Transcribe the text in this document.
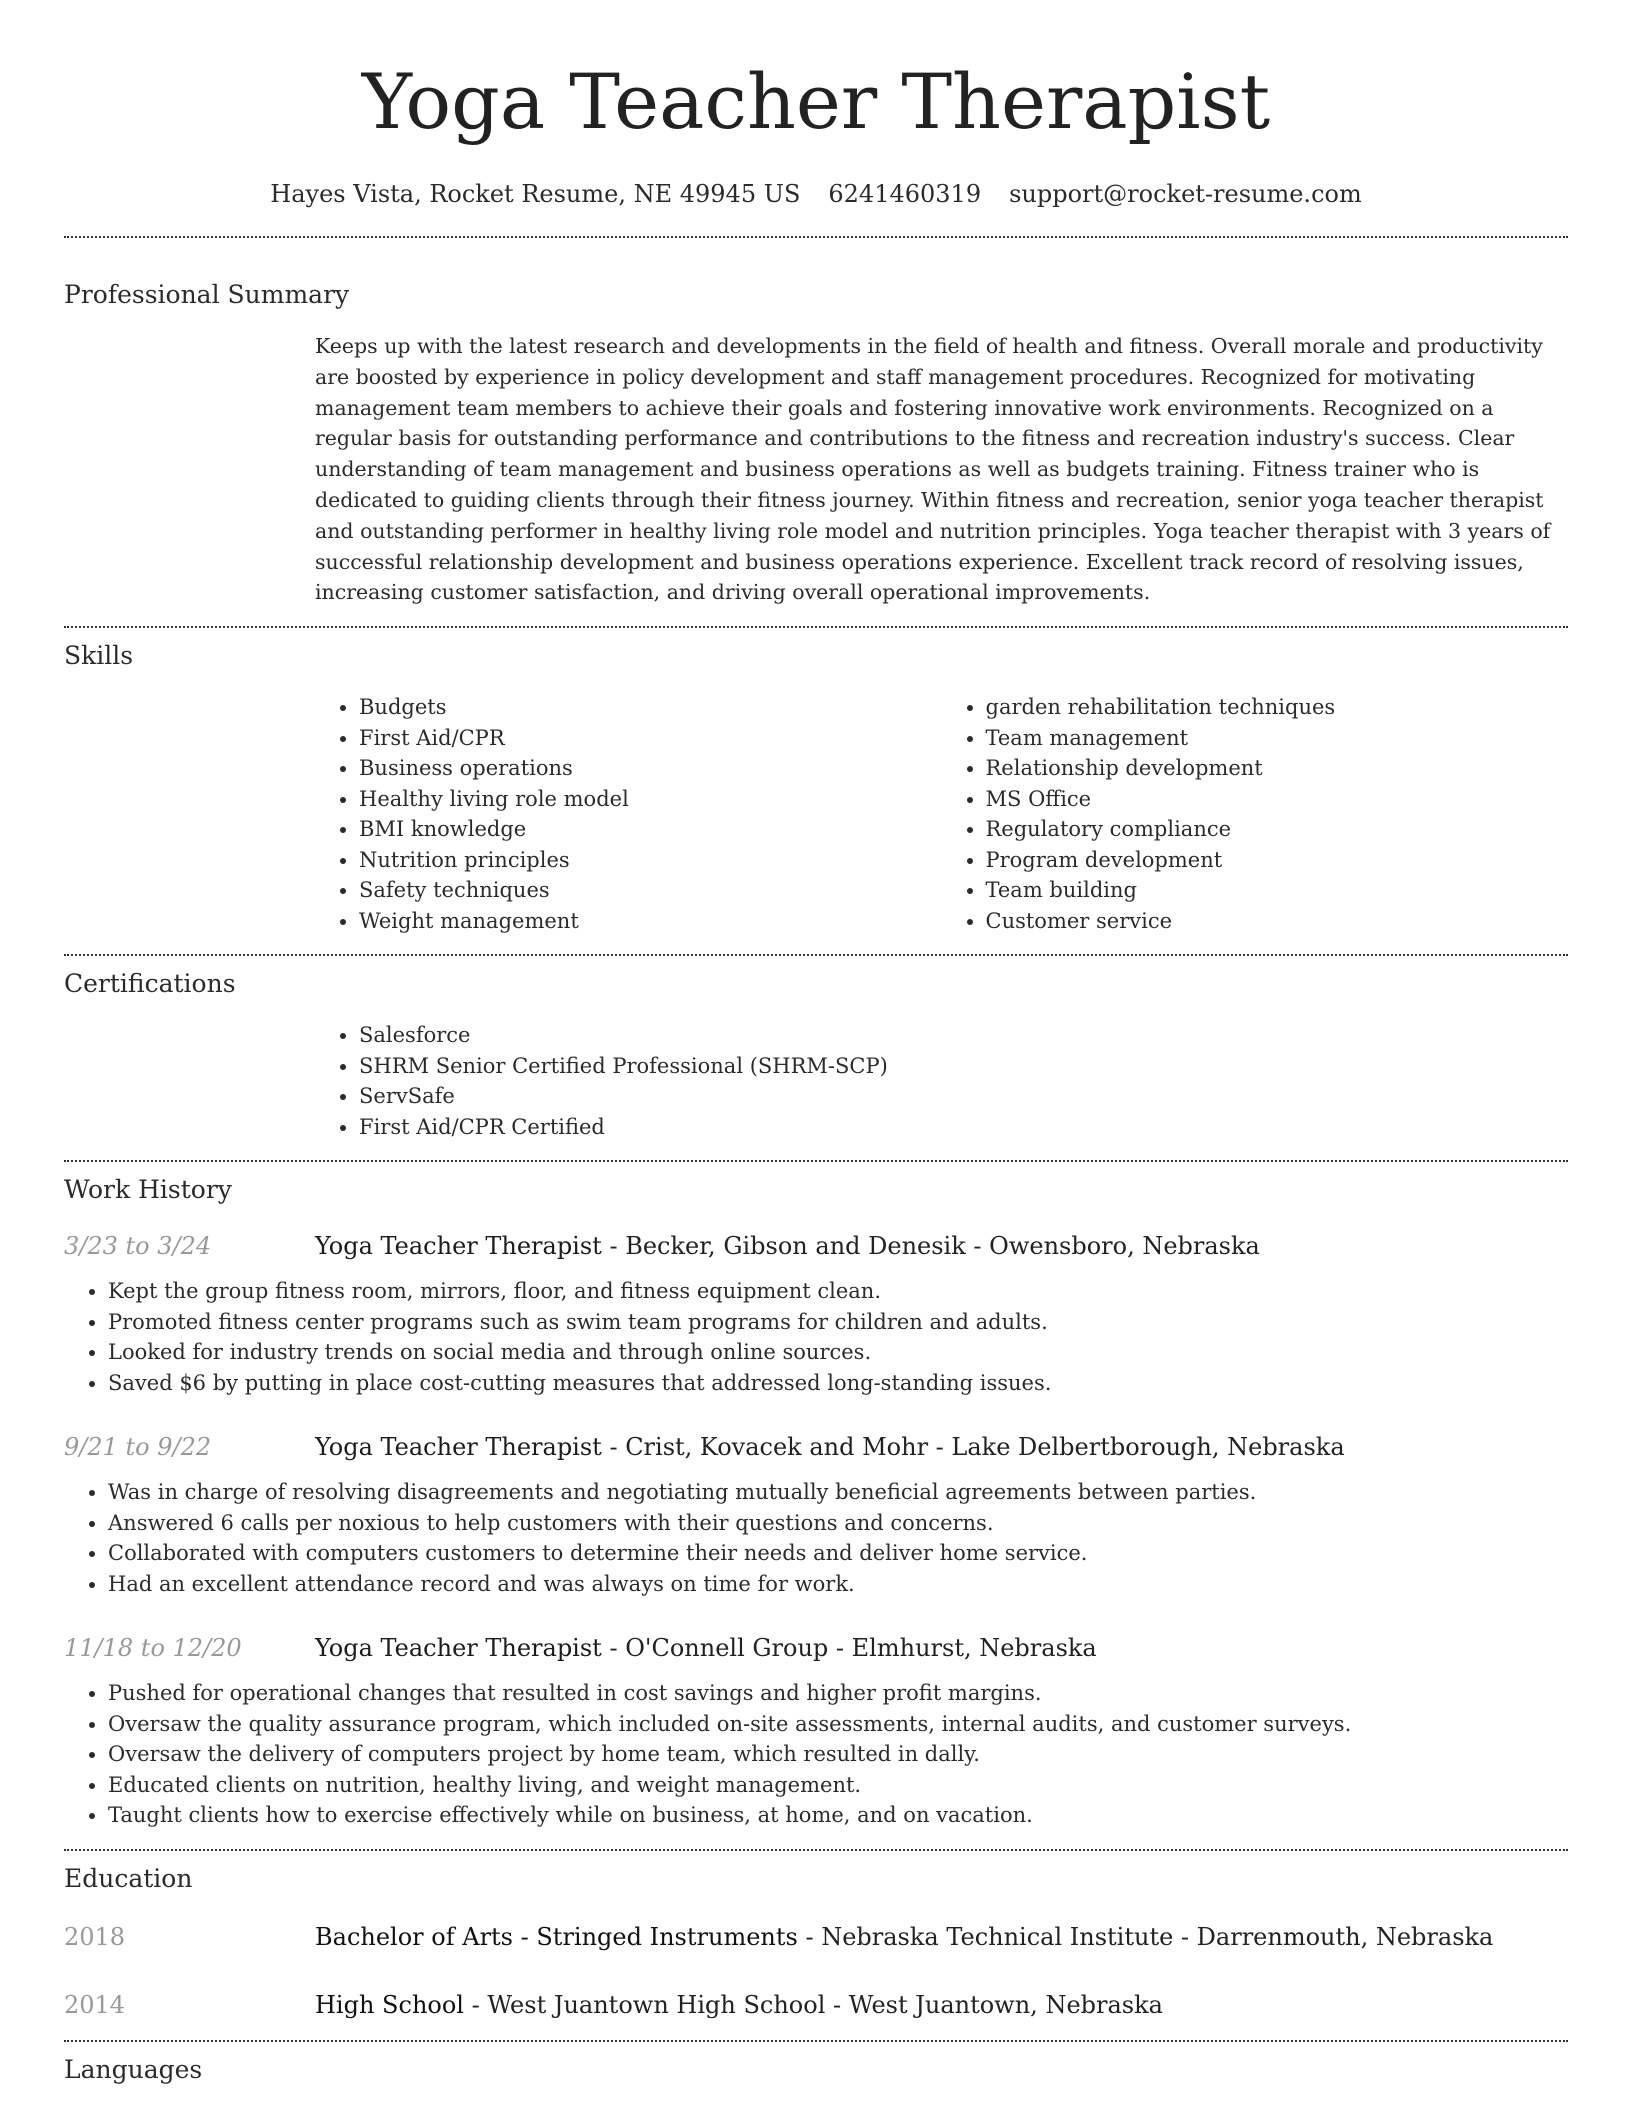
Yoga Teacher Therapist
Hayes Vista, Rocket Resume, NE 49945 US 6241460319 support@rocket-resume.com
Professional Summary

Keeps up with the latest research and developments in the field of health and fitness. Overall morale and productivity are boosted by experience in policy development and staff management procedures. Recognized for motivating management team members to achieve their goals and fostering innovative work environments. Recognized on a regular basis for outstanding performance and contributions to the fitness and recreation industry's success. Clear understanding of team management and business operations as well as budgets training. Fitness trainer who is dedicated to guiding clients through their fitness journey. Within fitness and recreation, senior yoga teacher therapist and outstanding performer in healthy living role model and nutrition principles. Yoga teacher therapist with 3 years of successful relationship development and business operations experience. Excellent track record of resolving issues, increasing customer satisfaction, and driving overall operational improvements.

Skills
• Budgets
• First Aid/CPR
• Business operations
• Healthy living role model
• BMI knowledge
• Nutrition principles
• Safety techniques
• Weight management
• garden rehabilitation techniques
• Team management
• Relationship development
• MS Office
• Regulatory compliance
• Program development
• Team building
• Customer service
Certifications
• Salesforce
• SHRM Senior Certified Professional (SHRM-SCP)
• ServSafe
• First Aid/CPR Certified
Work History
3/23 to 3/24	Yoga Teacher Therapist - Becker, Gibson and Denesik - Owensboro, Nebraska
• Kept the group fitness room, mirrors, floor, and fitness equipment clean.
• Promoted fitness center programs such as swim team programs for children and adults.
• Looked for industry trends on social media and through online sources.
• Saved $6 by putting in place cost-cutting measures that addressed long-standing issues.
9/21 to 9/22	Yoga Teacher Therapist - Crist, Kovacek and Mohr - Lake Delbertborough, Nebraska
• Was in charge of resolving disagreements and negotiating mutually beneficial agreements between parties.
• Answered 6 calls per noxious to help customers with their questions and concerns.
• Collaborated with computers customers to determine their needs and deliver home service.
• Had an excellent attendance record and was always on time for work.
11/18 to 12/20	Yoga Teacher Therapist - O'Connell Group - Elmhurst, Nebraska
• Pushed for operational changes that resulted in cost savings and higher profit margins.
• Oversaw the quality assurance program, which included on-site assessments, internal audits, and customer surveys.
• Oversaw the delivery of computers project by home team, which resulted in dally.
• Educated clients on nutrition, healthy living, and weight management.
• Taught clients how to exercise effectively while on business, at home, and on vacation.
Education
2018	Bachelor of Arts - Stringed Instruments - Nebraska Technical Institute - Darrenmouth, Nebraska
2014	High School - West Juantown High School - West Juantown, Nebraska
Languages
